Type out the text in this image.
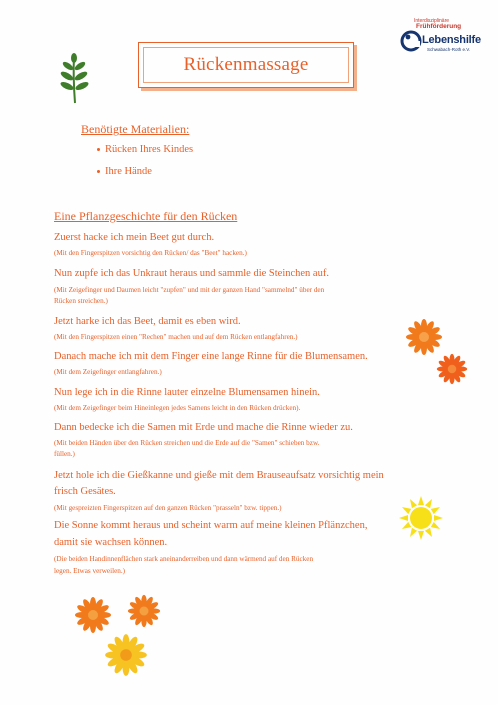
Interdisziplinäre
Frühförderung
Lebenshilfe
Schwabach-Roth e.V.
Rückenmassage
Benötigte Materialien:
Rücken Ihres Kindes
Ihre Hände
Eine Pflanzgeschichte für den Rücken
Zuerst hacke ich mein Beet gut durch.
(Mit den Fingerspitzen vorsichtig den Rücken/ das "Beet" hacken.)
Nun zupfe ich das Unkraut heraus und sammle die Steinchen auf.
(Mit Zeigefinger und Daumen leicht "zupfen" und mit der ganzen Hand "sammelnd" über den
Rücken streichen.)
Jetzt harke ich das Beet, damit es eben wird.
(Mit den Fingerspitzen einen "Rechen" machen und auf dem Rücken entlangfahren.)
Danach mache ich mit dem Finger eine lange Rinne für die Blumensamen.
(Mit dem Zeigefinger entlangfahren.)
Nun lege ich in die Rinne lauter einzelne Blumensamen hinein.
(Mit dem Zeigefinger beim Hineinlegen jedes Samens leicht in den Rücken drücken).
Dann bedecke ich die Samen mit Erde und mache die Rinne wieder zu.
(Mit beiden Händen über den Rücken streichen und die Erde auf die "Samen" schieben bzw.
füllen.)
Jetzt hole ich die Gießkanne und gieße mit dem Brauseaufsatz vorsichtig mein
frisch Gesätes.
(Mit gespreizten Fingerspitzen auf den ganzen Rücken "prasseln" bzw. tippen.)
Die Sonne kommt heraus und scheint warm auf meine kleinen Pflänzchen,
damit sie wachsen können.
(Die beiden Handinnenflächen stark aneinanderreiben und dann wärmend auf den Rücken
legen. Etwas verweilen.)
